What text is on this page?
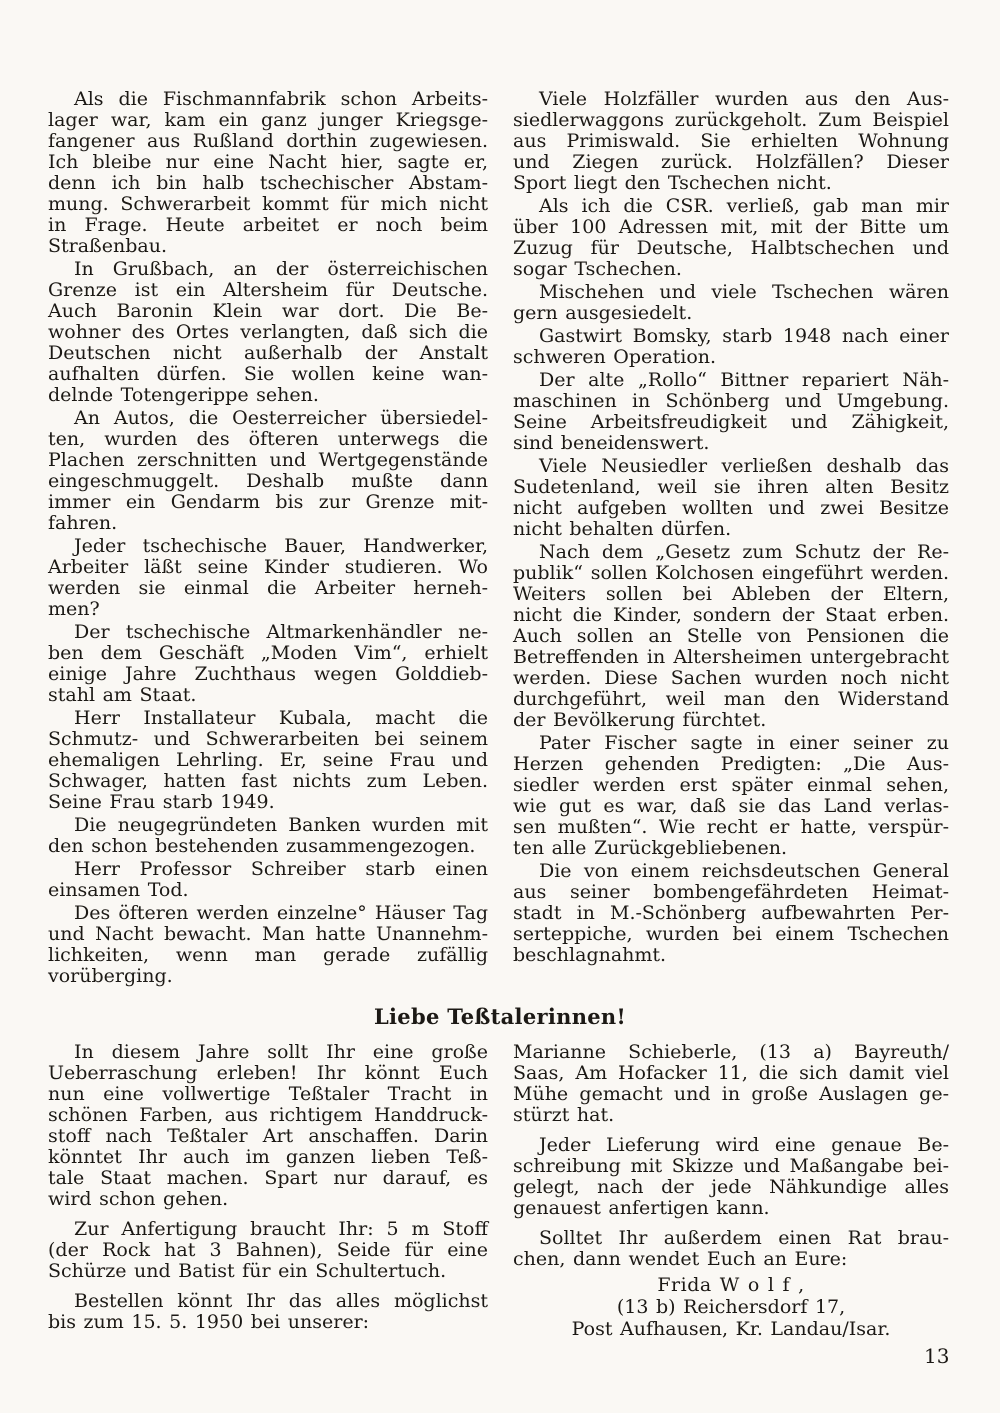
Als die Fischmannfabrik schon Arbeits-
lager war, kam ein ganz junger Kriegsge-
fangener aus Rußland dorthin zugewiesen.
Ich bleibe nur eine Nacht hier, sagte er,
denn ich bin halb tschechischer Abstam-
mung. Schwerarbeit kommt für mich nicht
in Frage. Heute arbeitet er noch beim
Straßenbau.
In Grußbach, an der österreichischen
Grenze ist ein Altersheim für Deutsche.
Auch Baronin Klein war dort. Die Be-
wohner des Ortes verlangten, daß sich die
Deutschen nicht außerhalb der Anstalt
aufhalten dürfen. Sie wollen keine wan-
delnde Totengerippe sehen.
An Autos, die Oesterreicher übersiedel-
ten, wurden des öfteren unterwegs die
Plachen zerschnitten und Wertgegenstände
eingeschmuggelt. Deshalb mußte dann
immer ein Gendarm bis zur Grenze mit-
fahren.
Jeder tschechische Bauer, Handwerker,
Arbeiter läßt seine Kinder studieren. Wo
werden sie einmal die Arbeiter herneh-
men?
Der tschechische Altmarkenhändler ne-
ben dem Geschäft „Moden Vim“, erhielt
einige Jahre Zuchthaus wegen Golddieb-
stahl am Staat.
Herr Installateur Kubala, macht die
Schmutz- und Schwerarbeiten bei seinem
ehemaligen Lehrling. Er, seine Frau und
Schwager, hatten fast nichts zum Leben.
Seine Frau starb 1949.
Die neugegründeten Banken wurden mit
den schon bestehenden zusammengezogen.
Herr Professor Schreiber starb einen
einsamen Tod.
Des öfteren werden einzelne° Häuser Tag
und Nacht bewacht. Man hatte Unannehm-
lichkeiten, wenn man gerade zufällig
vorüberging.
Viele Holzfäller wurden aus den Aus-
siedlerwaggons zurückgeholt. Zum Beispiel
aus Primiswald. Sie erhielten Wohnung
und Ziegen zurück. Holzfällen? Dieser
Sport liegt den Tschechen nicht.
Als ich die CSR. verließ, gab man mir
über 100 Adressen mit, mit der Bitte um
Zuzug für Deutsche, Halbtschechen und
sogar Tschechen.
Mischehen und viele Tschechen wären
gern ausgesiedelt.
Gastwirt Bomsky, starb 1948 nach einer
schweren Operation.
Der alte „Rollo“ Bittner repariert Näh-
maschinen in Schönberg und Umgebung.
Seine Arbeitsfreudigkeit und Zähigkeit,
sind beneidenswert.
Viele Neusiedler verließen deshalb das
Sudetenland, weil sie ihren alten Besitz
nicht aufgeben wollten und zwei Besitze
nicht behalten dürfen.
Nach dem „Gesetz zum Schutz der Re-
publik“ sollen Kolchosen eingeführt werden.
Weiters sollen bei Ableben der Eltern,
nicht die Kinder, sondern der Staat erben.
Auch sollen an Stelle von Pensionen die
Betreffenden in Altersheimen untergebracht
werden. Diese Sachen wurden noch nicht
durchgeführt, weil man den Widerstand
der Bevölkerung fürchtet.
Pater Fischer sagte in einer seiner zu
Herzen gehenden Predigten: „Die Aus-
siedler werden erst später einmal sehen,
wie gut es war, daß sie das Land verlas-
sen mußten“. Wie recht er hatte, verspür-
ten alle Zurückgebliebenen.
Die von einem reichsdeutschen General
aus seiner bombengefährdeten Heimat-
stadt in M.-Schönberg aufbewahrten Per-
serteppiche, wurden bei einem Tschechen
beschlagnahmt.
Liebe Teßtalerinnen!
In diesem Jahre sollt Ihr eine große
Ueberraschung erleben! Ihr könnt Euch
nun eine vollwertige Teßtaler Tracht in
schönen Farben, aus richtigem Handdruck-
stoff nach Teßtaler Art anschaffen. Darin
könntet Ihr auch im ganzen lieben Teß-
tale Staat machen. Spart nur darauf, es
wird schon gehen.
Zur Anfertigung braucht Ihr: 5 m Stoff
(der Rock hat 3 Bahnen), Seide für eine
Schürze und Batist für ein Schultertuch.
Bestellen könnt Ihr das alles möglichst
bis zum 15. 5. 1950 bei unserer:
Marianne Schieberle, (13 a) Bayreuth/
Saas, Am Hofacker 11, die sich damit viel
Mühe gemacht und in große Auslagen ge-
stürzt hat.
Jeder Lieferung wird eine genaue Be-
schreibung mit Skizze und Maßangabe bei-
gelegt, nach der jede Nähkundige alles
genauest anfertigen kann.
Solltet Ihr außerdem einen Rat brau-
chen, dann wendet Euch an Eure:
Frida W o l f ,
(13 b) Reichersdorf 17,
Post Aufhausen, Kr. Landau/Isar.
13
